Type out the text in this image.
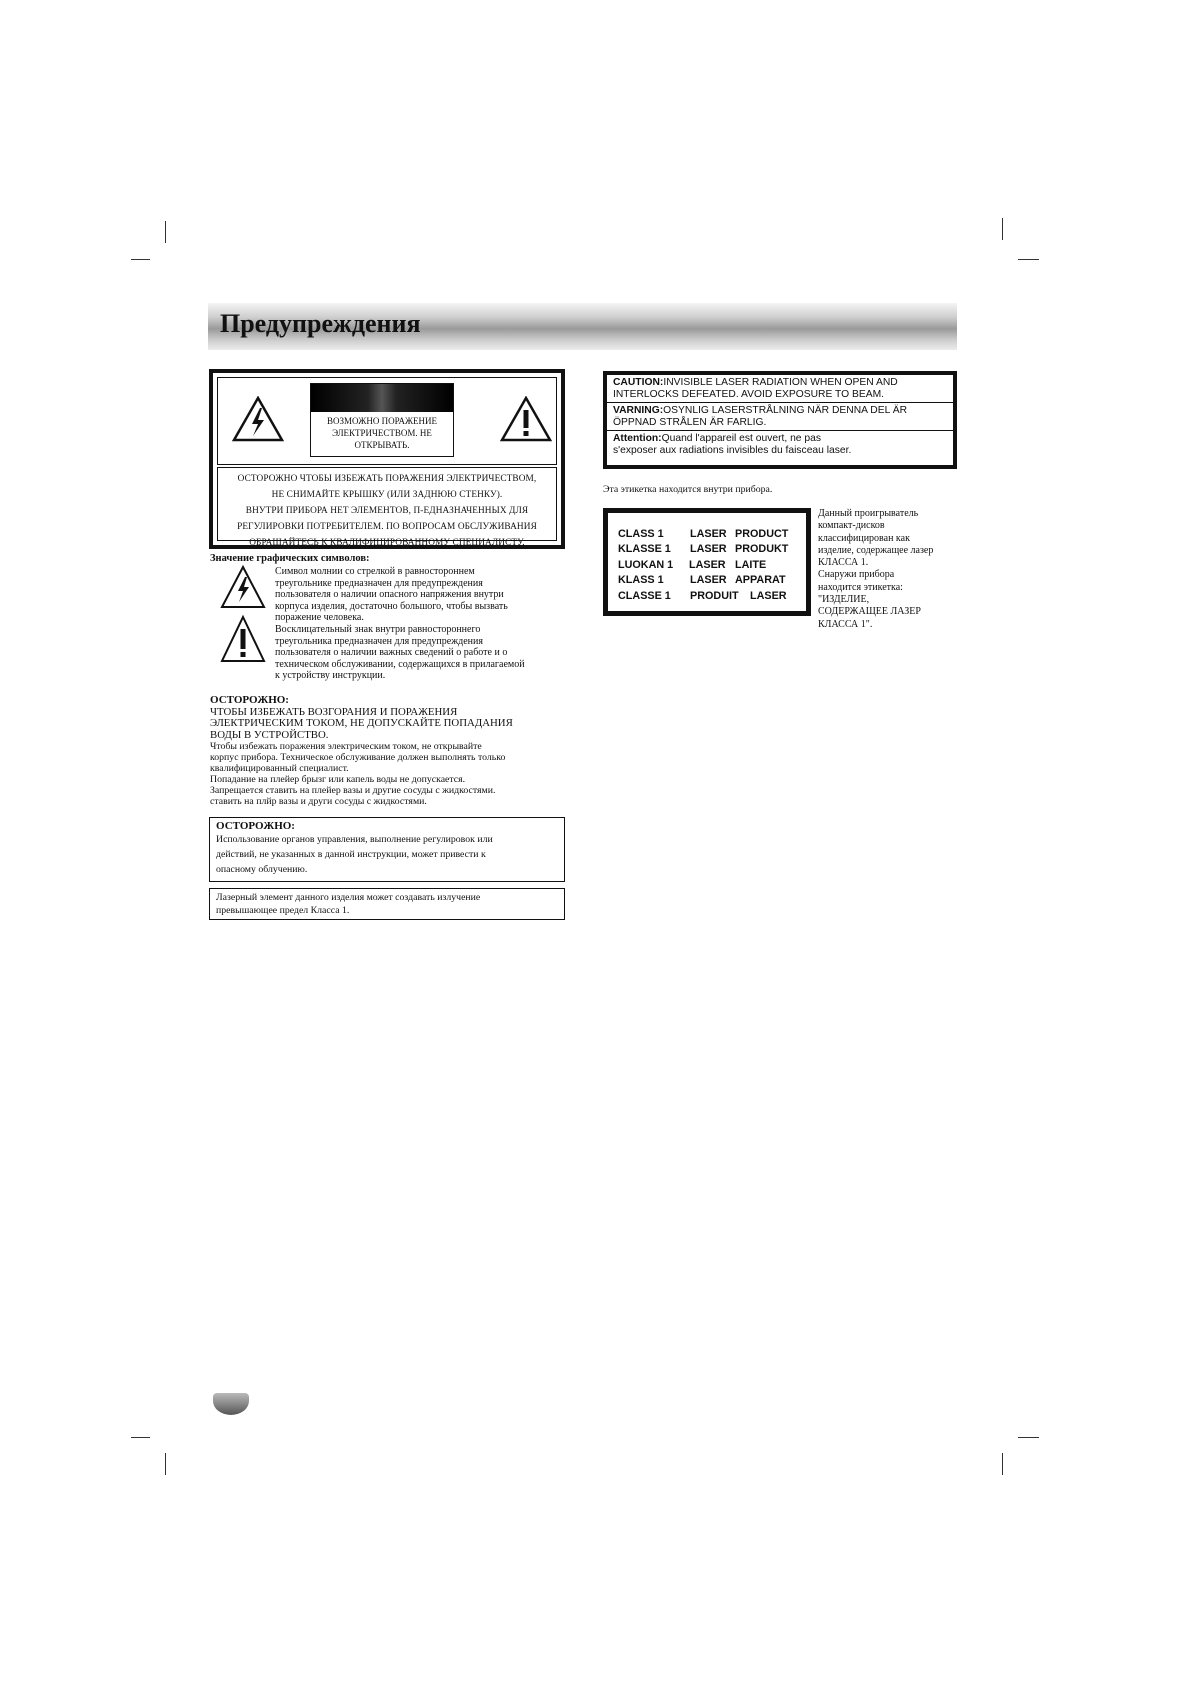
Предупреждения
ВОЗМОЖНО ПОРАЖЕНИЕ
ЭЛЕКТРИЧЕСТВОМ. НЕ
ОТКРЫВАТЬ.
ОСТОРОЖНО ЧТОБЫ ИЗБЕЖАТЬ ПОРАЖЕНИЯ ЭЛЕКТРИЧЕСТВОМ,
НЕ СНИМАЙТЕ КРЫШКУ (ИЛИ ЗАДНЮЮ СТЕНКУ).
ВНУТРИ ПРИБОРА НЕТ ЭЛЕМЕНТОВ, П-ЕДНАЗНАЧЕННЫХ ДЛЯ
РЕГУЛИРОВКИ ПОТРЕБИТЕЛЕМ. ПО ВОПРОСАМ ОБСЛУЖИВАНИЯ
ОБРАЩАЙТЕСЬ К КВАЛИФИЦИРОВАННОМУ СПЕЦИАЛИСТУ.
Значение графических символов:
Символ молнии со стрелкой в равностороннем
треугольнике предназначен для предупреждения
пользователя о наличии опасного напряжения внутри
корпуса изделия, достаточно большого, чтобы вызвать
поражение человека.
Восклицательный знак внутри равностороннего
треугольника предназначен для предупреждения
пользователя о наличии важных сведений о работе и о
техническом обслуживании, содержащихся в прилагаемой
к устройству инструкции.
ОСТОРОЖНО:
ЧТОБЫ ИЗБЕЖАТЬ ВОЗГОРАНИЯ И ПОРАЖЕНИЯ
ЭЛЕКТРИЧЕСКИМ ТОКОМ, НЕ ДОПУСКАЙТЕ ПОПАДАНИЯ
ВОДЫ В УСТРОЙСТВО.
Чтобы избежать поражения электрическим током, не открывайте
корпус прибора. Техническое обслуживание должен выполнять только
квалифицированный специалист.
Попадание на плейер брызг или капель воды не допускается.
Запрещается ставить на плейер вазы и другие сосуды с жидкостями.
ставить на плйр вазы и други сосуды с жидкостями.
ОСТОРОЖНО:
Использование органов управления, выполнение регулировок или
действий, не указанных в данной инструкции, может привести к
опасному облучению.
Лазерный элемент данного изделия может создавать излучение
превышающее предел Класса 1.
CAUTION:INVISIBLE LASER RADIATION WHEN OPEN AND
INTERLOCKS DEFEATED. AVOID EXPOSURE TO BEAM.
VARNING:OSYNLIG LASERSTRÅLNING NÄR DENNA DEL ÄR
ÖPPNAD STRÅLEN ÄR FARLIG.
Attention:Quand l'appareil est ouvert, ne pas
s'exposer aux radiations invisibles du faisceau laser.
Эта этикетка находится внутри прибора.
CLASS 1 LASER PRODUCT
KLASSE 1 LASER PRODUKT
LUOKAN 1 LASER LAITE
KLASS 1 LASER APPARAT
CLASSE 1 PRODUIT LASER
Данный проигрыватель
компакт-дисков
классифицирован как
изделие, содержащее лазер
КЛАССА 1.
Снаружи прибора
находится этикетка:
"ИЗДЕЛИЕ,
СОДЕРЖАЩЕЕ ЛАЗЕР
КЛАССА 1".
